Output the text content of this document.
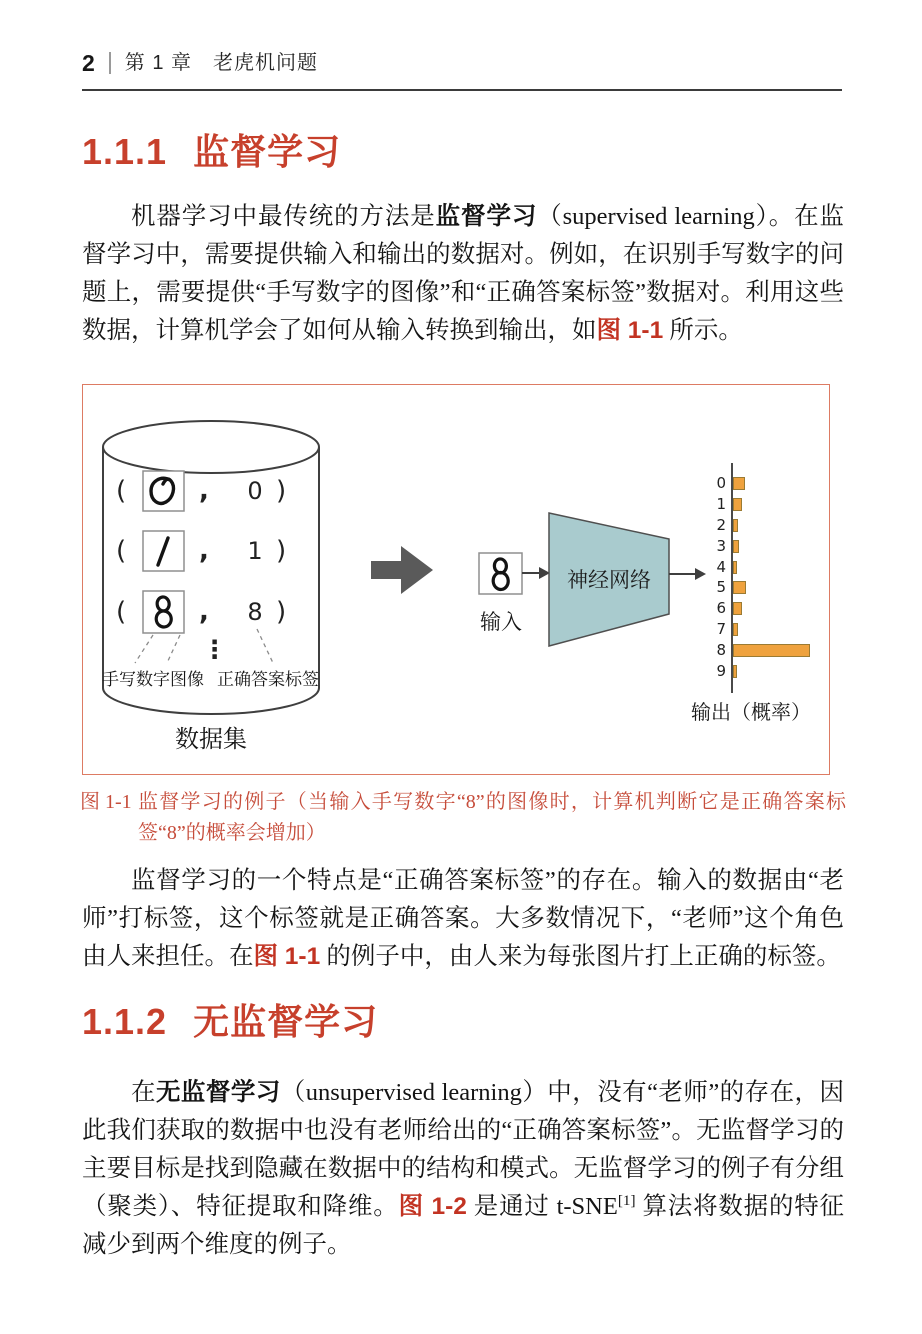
2 第 1 章　老虎机问题
1.1.1 监督学习

机器学习中最传统的方法是监督学习（supervised learning）。在监督学习中，需要提供输入和输出的数据对。例如，在识别手写数字的问题上，需要提供“手写数字的图像”和“正确答案标签”数据对。利用这些数据，计算机学会了如何从输入转换到输出，如图 1-1 所示。

(	,	0 )
(	,	1 )
(	,	8 )
⋮
手写数字图像 正确答案标签
数据集
输入
神经网络
0
1
2
3
4
5
6
7
8
9
输出（概率）
图 1-1 监督学习的例子（当输入手写数字“8”的图像时，计算机判断它是正确答案标签“8”的概率会增加）

监督学习的一个特点是“正确答案标签”的存在。输入的数据由“老师”打标签，这个标签就是正确答案。大多数情况下，“老师”这个角色由人来担任。在图 1-1 的例子中，由人来为每张图片打上正确的标签。

1.1.2 无监督学习

在无监督学习（unsupervised learning）中，没有“老师”的存在，因此我们获取的数据中也没有老师给出的“正确答案标签”。无监督学习的主要目标是找到隐藏在数据中的结构和模式。无监督学习的例子有分组（聚类）、特征提取和降维。图 1-2 是通过 t-SNE[1] 算法将数据的特征减少到两个维度的例子。
